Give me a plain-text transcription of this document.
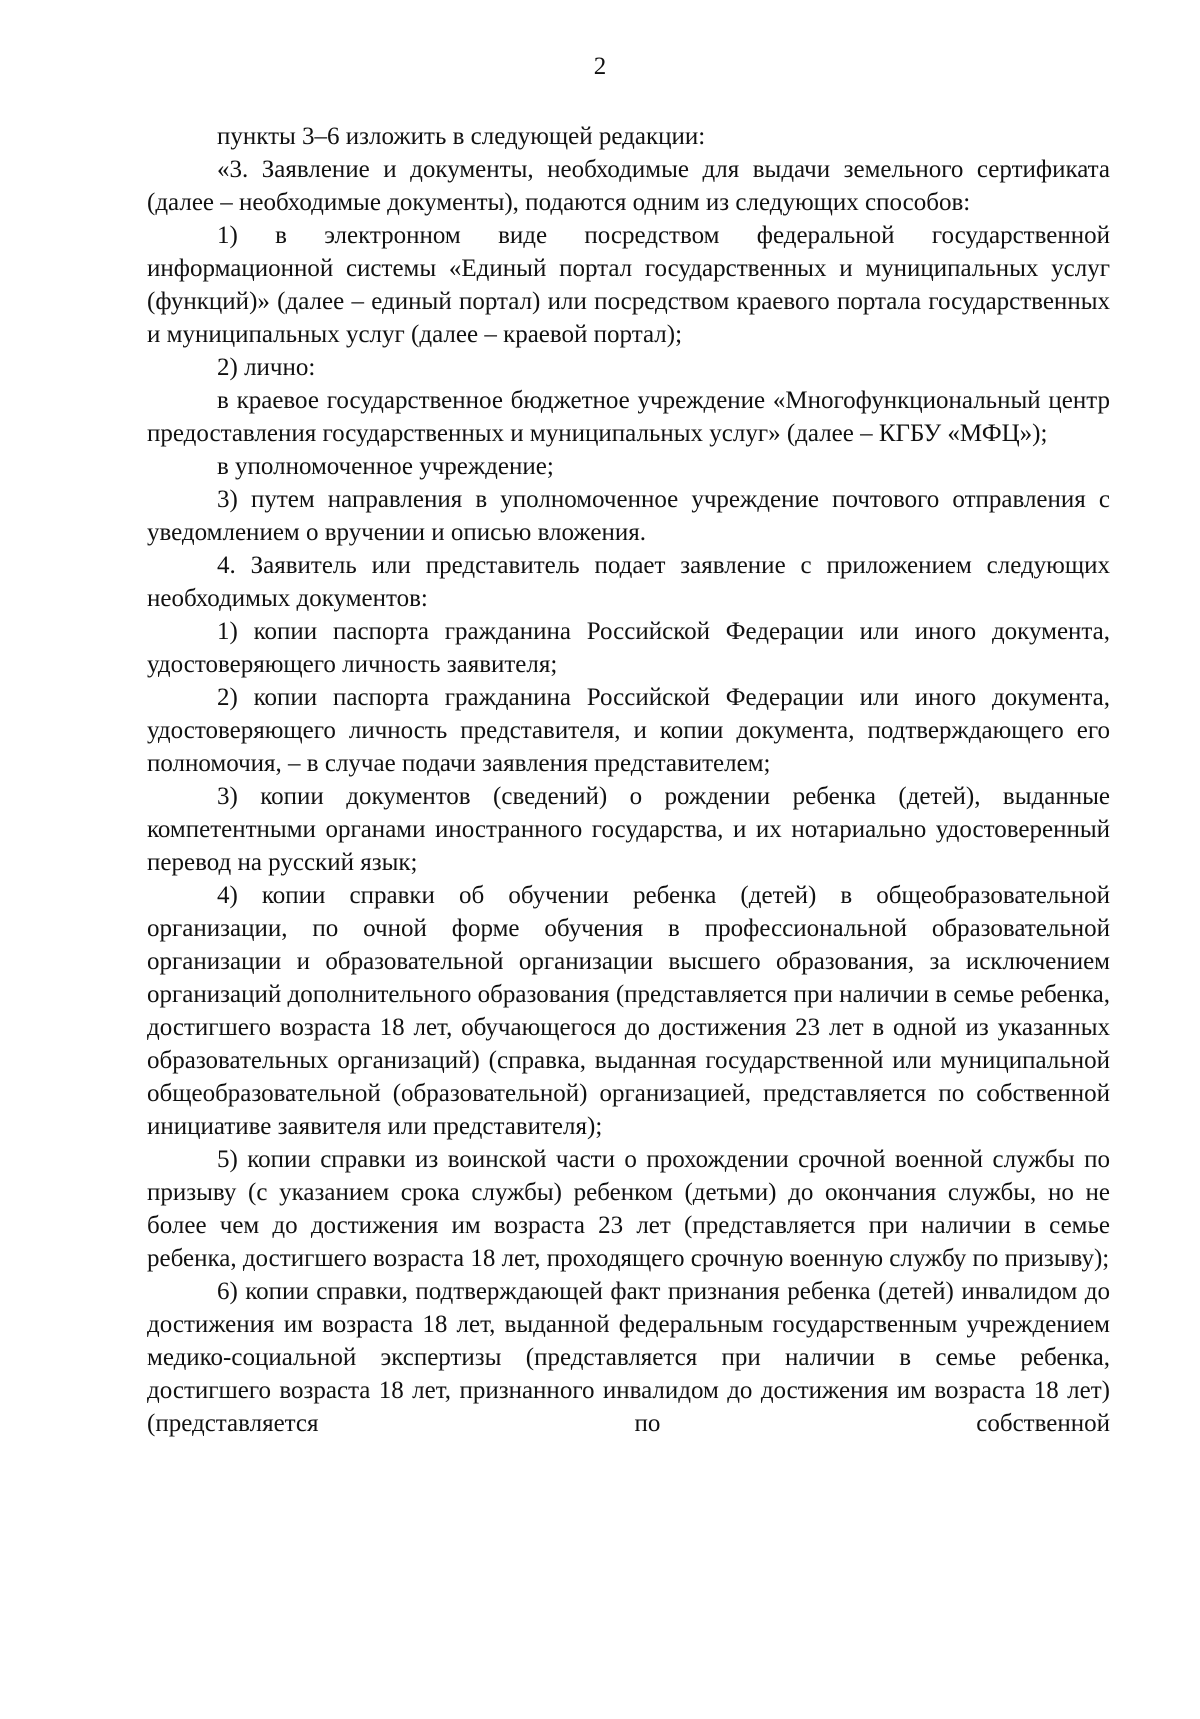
2

пункты 3–6 изложить в следующей редакции:

«3. Заявление и документы, необходимые для выдачи земельного сертификата (далее – необходимые документы), подаются одним из следующих способов:

1) в электронном виде посредством федеральной государственной информационной системы «Единый портал государственных и муниципальных услуг (функций)» (далее – единый портал) или посредством краевого портала государственных и муниципальных услуг (далее – краевой портал);

2) лично:

в краевое государственное бюджетное учреждение «Многофункциональный центр предоставления государственных и муниципальных услуг» (далее – КГБУ «МФЦ»);

в уполномоченное учреждение;

3) путем направления в уполномоченное учреждение почтового отправления с уведомлением о вручении и описью вложения.

4. Заявитель или представитель подает заявление с приложением следующих необходимых документов:

1) копии паспорта гражданина Российской Федерации или иного документа, удостоверяющего личность заявителя;

2) копии паспорта гражданина Российской Федерации или иного документа, удостоверяющего личность представителя, и копии документа, подтверждающего его полномочия, – в случае подачи заявления представителем;

3) копии документов (сведений) о рождении ребенка (детей), выданные компетентными органами иностранного государства, и их нотариально удостоверенный перевод на русский язык;

4) копии справки об обучении ребенка (детей) в общеобразовательной организации, по очной форме обучения в профессиональной образовательной организации и образовательной организации высшего образования, за исключением организаций дополнительного образования (представляется при наличии в семье ребенка, достигшего возраста 18 лет, обучающегося до достижения 23 лет в одной из указанных образовательных организаций) (справка, выданная государственной или муниципальной общеобразовательной (образовательной) организацией, представляется по собственной инициативе заявителя или представителя);

5) копии справки из воинской части о прохождении срочной военной службы по призыву (с указанием срока службы) ребенком (детьми) до окончания службы, но не более чем до достижения им возраста 23 лет (представляется при наличии в семье ребенка, достигшего возраста 18 лет, проходящего срочную военную службу по призыву);

6) копии справки, подтверждающей факт признания ребенка (детей) инвалидом до достижения им возраста 18 лет, выданной федеральным государственным учреждением медико-социальной экспертизы (представляется при наличии в семье ребенка, достигшего возраста 18 лет, признанного инвалидом до достижения им возраста 18 лет) (представляется по собственной
